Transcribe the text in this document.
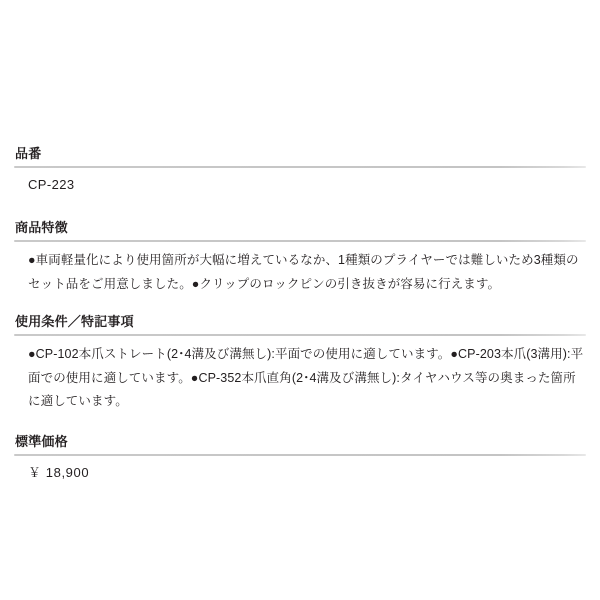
品番
CP-223
商品特徴
●車両軽量化により使用箇所が大幅に増えているなか、1種類のプライヤーでは難しいため3種類のセット品をご用意しました。●クリップのロックピンの引き抜きが容易に行えます。
使用条件／特記事項
●CP-102本爪ストレート(2･4溝及び溝無し):平面での使用に適しています。●CP-203本爪(3溝用):平面での使用に適しています。●CP-352本爪直角(2･4溝及び溝無し):タイヤハウス等の奥まった箇所に適しています。
標準価格
￥ 18,900
